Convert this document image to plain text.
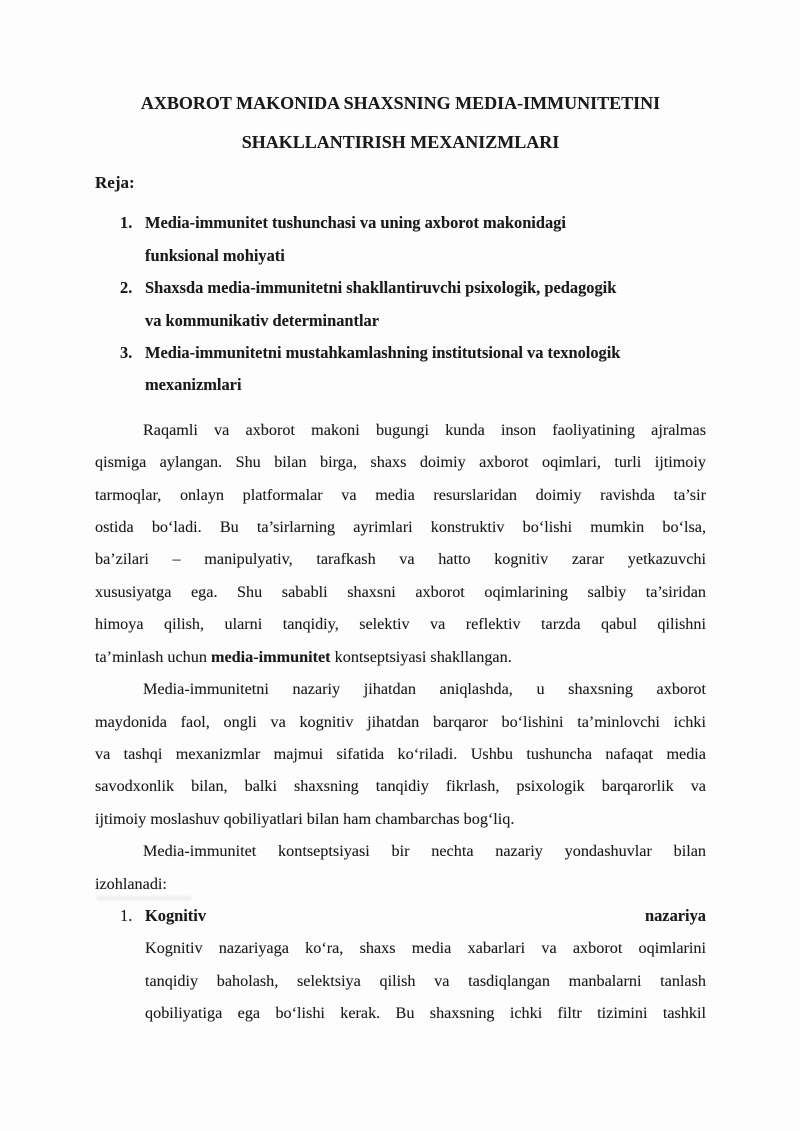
AXBOROT MAKONIDA SHAXSNING MEDIA-IMMUNITETINI
SHAKLLANTIRISH MEXANIZMLARI
Reja:
1. Media-immunitet tushunchasi va uning axborot makonidagi
funksional mohiyati
2. Shaxsda media-immunitetni shakllantiruvchi psixologik, pedagogik
va kommunikativ determinantlar
3. Media-immunitetni mustahkamlashning institutsional va texnologik
mexanizmlari
Raqamli va axborot makoni bugungi kunda inson faoliyatining ajralmas
qismiga aylangan. Shu bilan birga, shaxs doimiy axborot oqimlari, turli ijtimoiy
tarmoqlar, onlayn platformalar va media resurslaridan doimiy ravishda ta’sir
ostida bo‘ladi. Bu ta’sirlarning ayrimlari konstruktiv bo‘lishi mumkin bo‘lsa,
ba’zilari – manipulyativ, tarafkash va hatto kognitiv zarar yetkazuvchi
xususiyatga ega. Shu sababli shaxsni axborot oqimlarining salbiy ta’siridan
himoya qilish, ularni tanqidiy, selektiv va reflektiv tarzda qabul qilishni
ta’minlash uchun media-immunitet kontseptsiyasi shakllangan.
Media-immunitetni nazariy jihatdan aniqlashda, u shaxsning axborot
maydonida faol, ongli va kognitiv jihatdan barqaror bo‘lishini ta’minlovchi ichki
va tashqi mexanizmlar majmui sifatida ko‘riladi. Ushbu tushuncha nafaqat media
savodxonlik bilan, balki shaxsning tanqidiy fikrlash, psixologik barqarorlik va
ijtimoiy moslashuv qobiliyatlari bilan ham chambarchas bog‘liq.
Media-immunitet kontseptsiyasi bir nechta nazariy yondashuvlar bilan
izohlanadi:
1. Kognitiv	nazariya
Kognitiv nazariyaga ko‘ra, shaxs media xabarlari va axborot oqimlarini
tanqidiy baholash, selektsiya qilish va tasdiqlangan manbalarni tanlash
qobiliyatiga ega bo‘lishi kerak. Bu shaxsning ichki filtr tizimini tashkil
